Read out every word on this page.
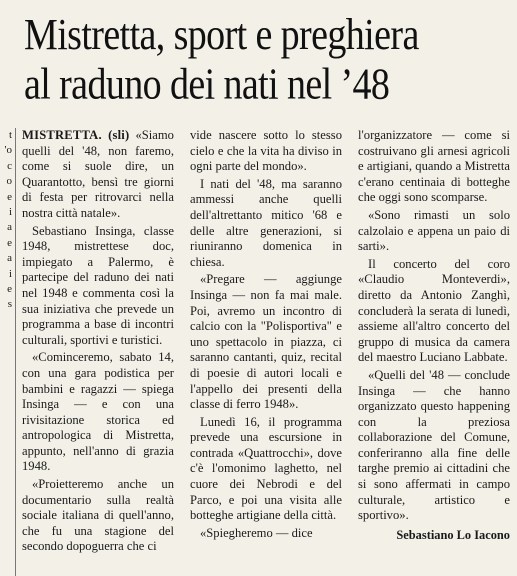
t
'o
c
o
e
i
a
e
a
i
e
s
Mistretta, sport e preghiera
al raduno dei nati nel ’48

MISTRETTA. (sli) «Siamo quelli del '48, non faremo, come si suole dire, un Quarantotto, bensì tre giorni di festa per ritrovarci nella nostra città natale».

Sebastiano Insinga, classe 1948, mistrettese doc, impiegato a Palermo, è partecipe del raduno dei nati nel 1948 e commenta così la sua iniziativa che prevede un programma a base di incontri culturali, sportivi e turistici.

«Cominceremo, sabato 14, con una gara podistica per bambini e ragazzi — spiega Insinga — e con una rivisitazione storica ed antropologica di Mistretta, appunto, nell'anno di grazia 1948.

«Proietteremo anche un documentario sulla realtà sociale italiana di quell'anno, che fu una stagione del secondo dopoguerra che ci

vide nascere sotto lo stesso cielo e che la vita ha diviso in ogni parte del mondo».

I nati del '48, ma saranno ammessi anche quelli dell'altrettanto mitico '68 e delle altre generazioni, si riuniranno domenica in chiesa.

«Pregare — aggiunge Insinga — non fa mai male. Poi, avremo un incontro di calcio con la "Polisportiva" e uno spettacolo in piazza, ci saranno cantanti, quiz, recital di poesie di autori locali e l'appello dei presenti della classe di ferro 1948».

Lunedì 16, il programma prevede una escursione in contrada «Quattrocchi», dove c'è l'omonimo laghetto, nel cuore dei Nebrodi e del Parco, e poi una visita alle botteghe artigiane della città.

«Spiegheremo — dice

l'organizzatore — come si costruivano gli arnesi agricoli e artigiani, quando a Mistretta c'erano centinaia di botteghe che oggi sono scomparse.

«Sono rimasti un solo calzolaio e appena un paio di sarti».

Il concerto del coro «Claudio Monteverdi», diretto da Antonio Zanghì, concluderà la serata di lunedì, assieme all'altro concerto del gruppo di musica da camera del maestro Luciano Labbate.

«Quelli del '48 — conclude Insinga — che hanno organizzato questo happening con la preziosa collaborazione del Comune, conferiranno alla fine delle targhe premio ai cittadini che si sono affermati in campo culturale, artistico e sportivo».

Sebastiano Lo Iacono
